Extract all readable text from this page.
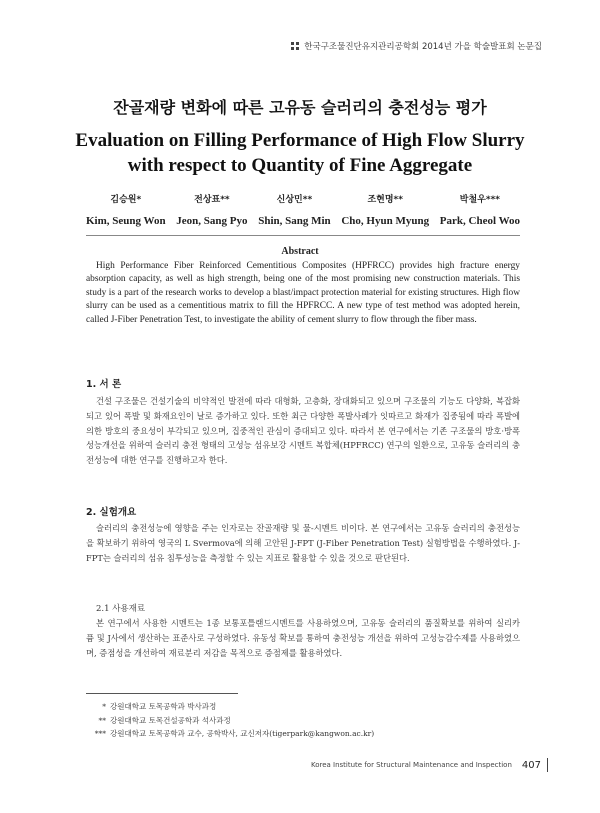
한국구조물진단유지관리공학회 2014년 가을 학술발표회 논문집
잔골재량 변화에 따른 고유동 슬러리의 충전성능 평가
Evaluation on Filling Performance of High Flow Slurry with respect to Quantity of Fine Aggregate
김승원*
Kim, Seung Won
전상표**
Jeon, Sang Pyo
신상민**
Shin, Sang Min
조현명**
Cho, Hyun Myung
박철우***
Park, Cheol Woo
Abstract
High Performance Fiber Reinforced Cementitious Composites (HPFRCC) provides high fracture energy absorption capacity, as well as high strength, being one of the most promising new construction materials. This study is a part of the research works to develop a blast/impact protection material for existing structures. High flow slurry can be used as a cementitious matrix to fill the HPFRCC. A new type of test method was adopted herein, called J-Fiber Penetration Test, to investigate the ability of cement slurry to flow through the fiber mass.
1. 서 론
건설 구조물은 건설기술의 비약적인 발전에 따라 대형화, 고층화, 장대화되고 있으며 구조물의 기능도 다양화, 복잡화되고 있어 폭발 및 화재요인이 날로 증가하고 있다. 또한 최근 다양한 폭발사례가 잇따르고 화재가 집중됨에 따라 폭발에 의한 방호의 중요성이 부각되고 있으며, 집중적인 관심이 증대되고 있다. 따라서 본 연구에서는 기존 구조물의 방호·방폭 성능개선을 위하여 슬러리 충전 형태의 고성능 섬유보강 시멘트 복합체(HPFRCC) 연구의 일환으로, 고유동 슬러리의 충전성능에 대한 연구를 진행하고자 한다.
2. 실험개요
슬러리의 충전성능에 영향을 주는 인자로는 잔골재량 및 물-시멘트 비이다. 본 연구에서는 고유동 슬러리의 충전성능을 확보하기 위하여 영국의 L Svermova에 의해 고안된 J-FPT (J-Fiber Penetration Test) 실험방법을 수행하였다. J-FPT는 슬러리의 섬유 침투성능을 측정할 수 있는 지표로 활용할 수 있을 것으로 판단된다.
2.1 사용재료
본 연구에서 사용한 시멘트는 1종 보통포틀랜드시멘트를 사용하였으며, 고유동 슬러리의 품질확보를 위하여 실리카 퓸 및 J사에서 생산하는 표준사로 구성하였다. 유동성 확보를 통하여 충전성능 개선을 위하여 고성능감수제를 사용하였으며, 증점성을 개선하여 재료분리 저감을 목적으로 증점제를 활용하였다.
* 강원대학교 토목공학과 박사과정
** 강원대학교 토목건설공학과 석사과정
*** 강원대학교 토목공학과 교수, 공학박사, 교신저자(tigerpark@kangwon.ac.kr)
Korea Institute for Structural Maintenance and Inspection 407
